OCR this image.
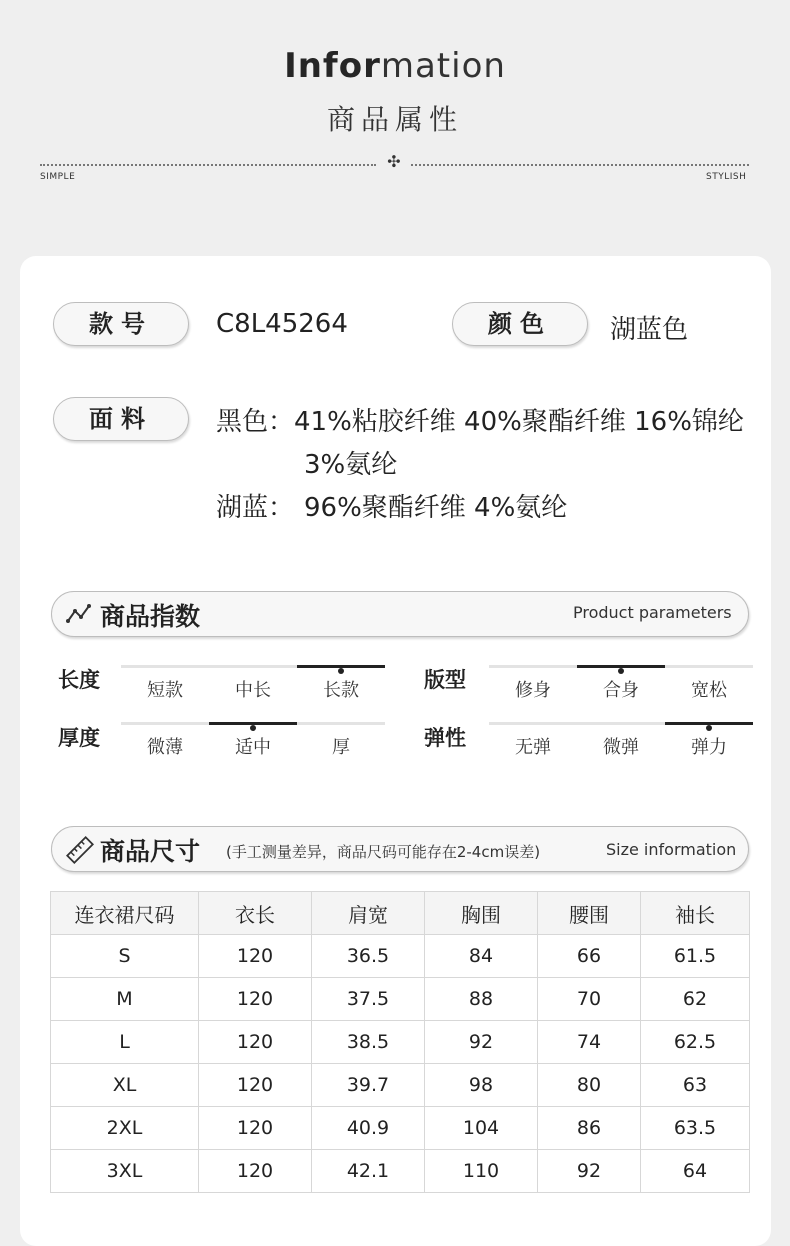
Information
商品属性
✣
SIMPLE	STYLISH
款号	C8L45264	颜色	湖蓝色
面料	黑色：41%粘胶纤维 40%聚酯纤维 16%锦纶
3%氨纶
湖蓝： 96%聚酯纤维 4%氨纶
商品指数	Product parameters
长度	短款	中长	长款	版型	修身	合身	宽松
厚度	微薄	适中	厚	弹性	无弹	微弹	弹力
商品尺寸 (手工测量差异，商品尺码可能存在2-4cm误差)	Size information
连衣裙尺码	衣长	肩宽	胸围	腰围	袖长
S	120	36.5	84	66	61.5
M	120	37.5	88	70	62
L	120	38.5	92	74	62.5
XL	120	39.7	98	80	63
2XL	120	40.9	104	86	63.5
3XL	120	42.1	110	92	64
